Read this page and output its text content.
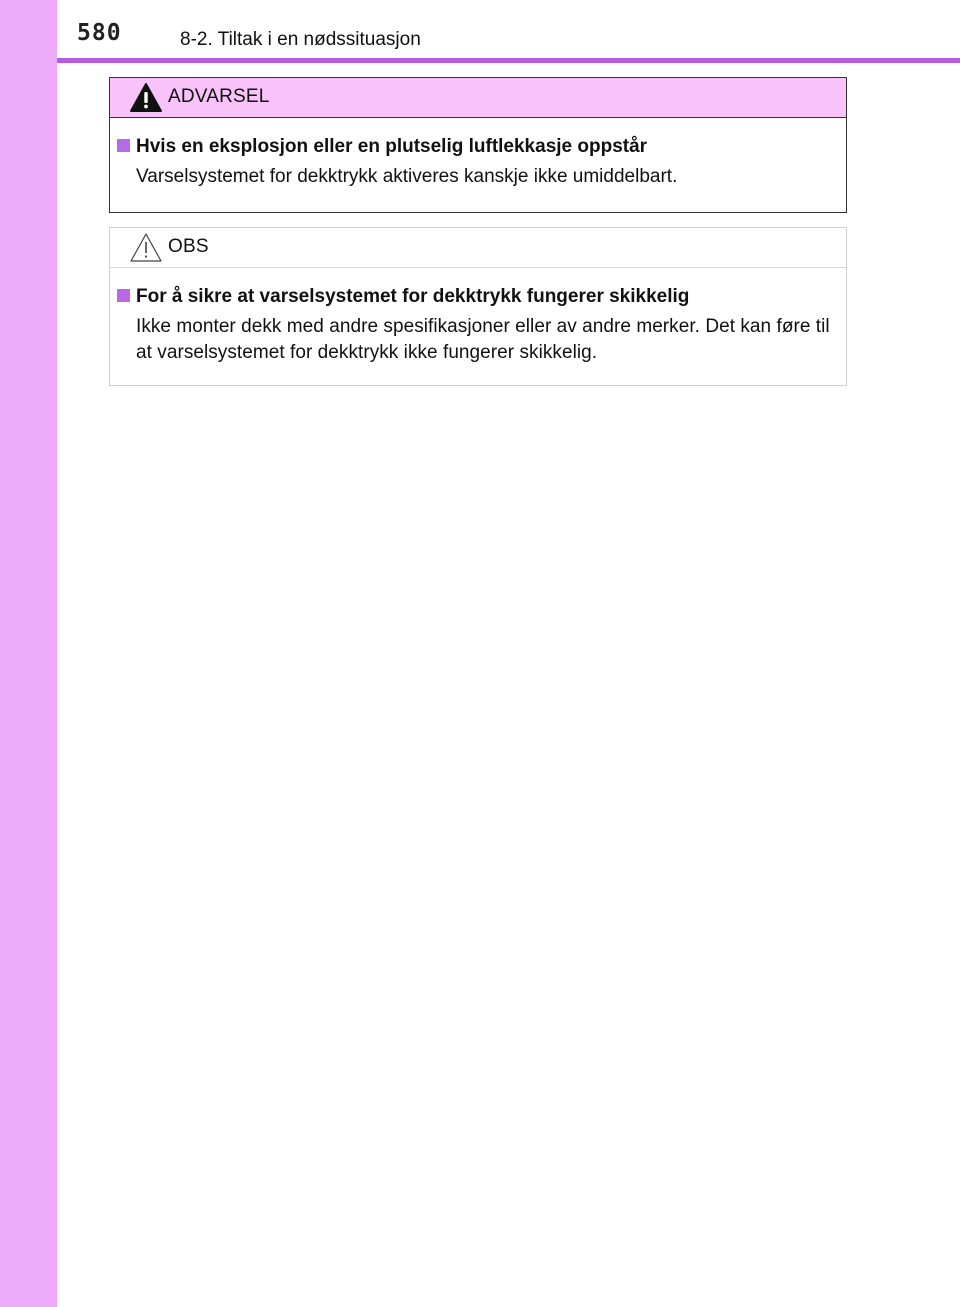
580	8-2. Tiltak i en nødssituasjon
ADVARSEL
Hvis en eksplosjon eller en plutselig luftlekkasje oppstår
Varselsystemet for dekktrykk aktiveres kanskje ikke umiddelbart.
OBS
For å sikre at varselsystemet for dekktrykk fungerer skikkelig
Ikke monter dekk med andre spesifikasjoner eller av andre merker. Det kan føre til at varselsystemet for dekktrykk ikke fungerer skikkelig.
